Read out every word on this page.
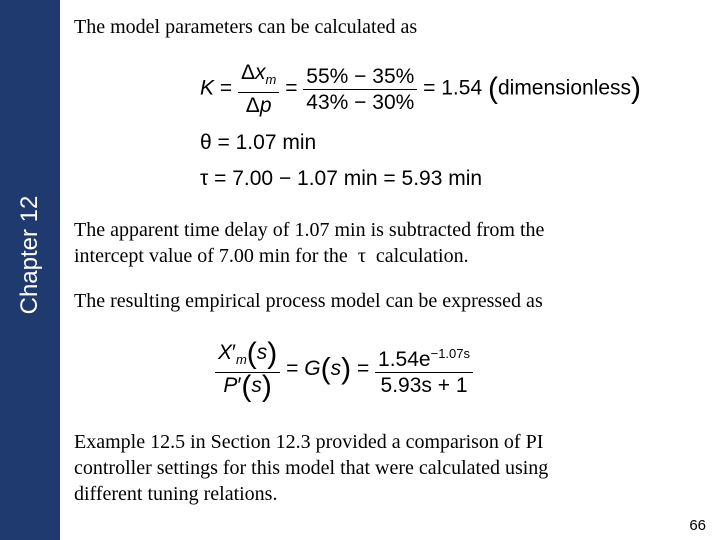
Chapter 12
The model parameters can be calculated as
$K = \frac{\Delta x_m}{\Delta p} = \frac{55\% - 35\%}{43\% - 30\%} = 1.54$ (dimensionless)
θ = 1.07 min
τ = 7.00 − 1.07 min = 5.93 min
The apparent time delay of 1.07 min is subtracted from the
intercept value of 7.00 min for the τ calculation.
The resulting empirical process model can be expressed as
$\frac{X'_m(s)}{P'(s)} = G(s) = \frac{1.54e^{-1.07s}}{5.93s + 1}$
Example 12.5 in Section 12.3 provided a comparison of PI
controller settings for this model that were calculated using
different tuning relations.
66
